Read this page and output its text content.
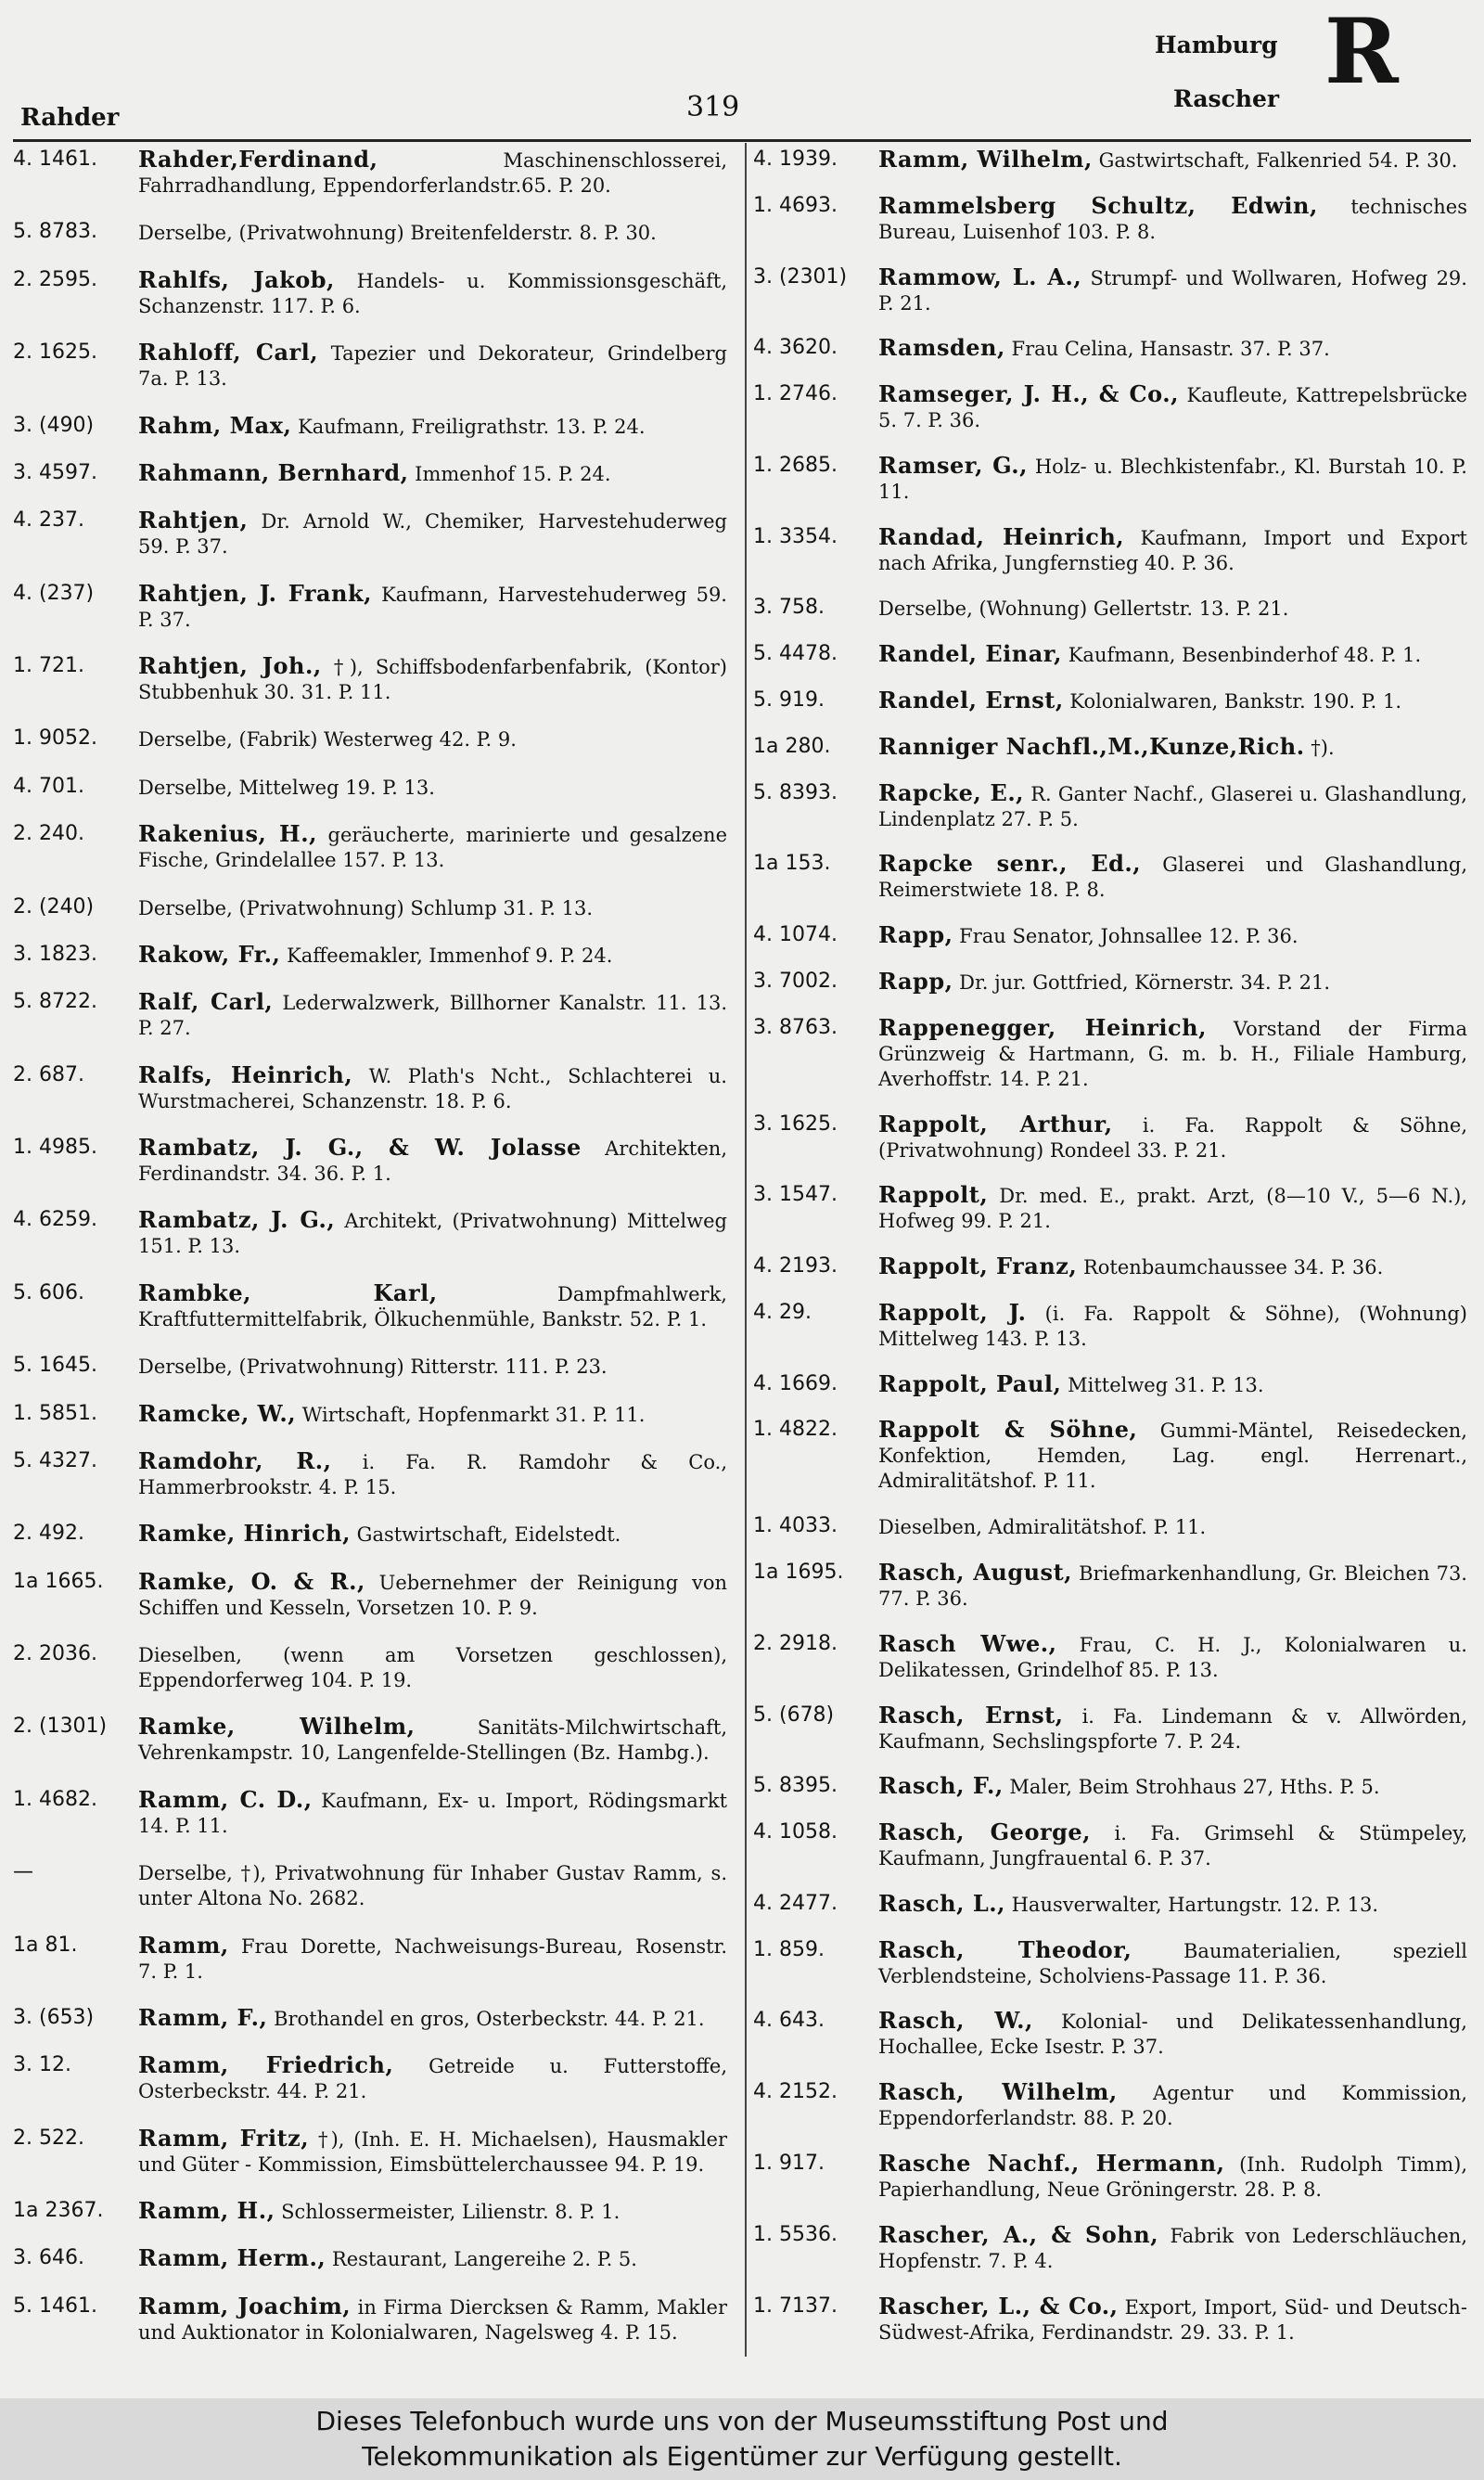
Rahder	319
Hamburg
Rascher R
4. 1461.	Rahder,Ferdinand,	Maschinenschlosserei, Fahrradhandlung, Eppendorferlandstr.65. P. 20.
5. 8783.	Derselbe, (Privatwohnung) Breitenfelderstr. 8. P. 30.
2. 2595.	Rahlfs, Jakob, Handels- u. Kommissionsgeschäft, Schanzenstr. 117. P. 6.
2. 1625.	Rahloff, Carl, Tapezier und Dekorateur, Grindelberg 7a. P. 13.
3. (490)	Rahm, Max, Kaufmann, Freiligrathstr. 13. P. 24.
3. 4597.	Rahmann, Bernhard, Immenhof 15. P. 24.
4. 237.	Rahtjen, Dr. Arnold W., Chemiker, Harvestehuderweg 59. P. 37.
4. (237)	Rahtjen, J. Frank, Kaufmann, Harvestehuderweg 59. P. 37.
1. 721.	Rahtjen, Joh., †), Schiffsbodenfarbenfabrik, (Kontor) Stubbenhuk 30. 31. P. 11.
1. 9052.	Derselbe, (Fabrik) Westerweg 42. P. 9.
4. 701.	Derselbe, Mittelweg 19. P. 13.
2. 240.	Rakenius, H., geräucherte, marinierte und gesalzene Fische, Grindelallee 157. P. 13.
2. (240)	Derselbe, (Privatwohnung) Schlump 31. P. 13.
3. 1823.	Rakow, Fr., Kaffeemakler, Immenhof 9. P. 24.
5. 8722.	Ralf, Carl, Lederwalzwerk, Billhorner Kanalstr. 11. 13. P. 27.
2. 687.	Ralfs, Heinrich, W. Plath's Ncht., Schlachterei u. Wurstmacherei, Schanzenstr. 18. P. 6.
1. 4985.	Rambatz, J. G., & W. Jolasse Architekten, Ferdinandstr. 34. 36. P. 1.
4. 6259.	Rambatz, J. G., Architekt, (Privatwohnung) Mittelweg 151. P. 13.
5. 606.	Rambke, Karl,	Dampfmahlwerk, Kraftfuttermittelfabrik, Ölkuchenmühle, Bankstr. 52. P. 1.
5. 1645.	Derselbe, (Privatwohnung) Ritterstr. 111. P. 23.
1. 5851.	Ramcke, W., Wirtschaft, Hopfenmarkt 31. P. 11.
5. 4327.	Ramdohr, R., i. Fa. R. Ramdohr & Co., Hammerbrookstr. 4. P. 15.
2. 492.	Ramke, Hinrich, Gastwirtschaft, Eidelstedt.
1a 1665.	Ramke, O. & R., Uebernehmer der Reinigung von Schiffen und Kesseln, Vorsetzen 10. P. 9.
2. 2036.	Dieselben, (wenn am Vorsetzen geschlossen), Eppendorferweg 104. P. 19.
2. (1301)	Ramke, Wilhelm,	Sanitäts-Milchwirtschaft, Vehrenkampstr. 10, Langenfelde-Stellingen (Bz. Hambg.).
1. 4682.	Ramm, C. D., Kaufmann, Ex- u. Import, Rödingsmarkt 14. P. 11.
—	Derselbe, †), Privatwohnung für Inhaber Gustav Ramm, s. unter Altona No. 2682.
1a 81.	Ramm, Frau Dorette, Nachweisungs-Bureau, Rosenstr. 7. P. 1.
3. (653)	Ramm, F., Brothandel en gros, Osterbeckstr. 44. P. 21.
3. 12.	Ramm, Friedrich, Getreide u. Futterstoffe, Osterbeckstr. 44. P. 21.
2. 522.	Ramm, Fritz, †), (Inh. E. H. Michaelsen), Hausmakler und Güter - Kommission, Eimsbüttelerchaussee 94. P. 19.
1a 2367.	Ramm, H., Schlossermeister, Lilienstr. 8. P. 1.
3. 646.	Ramm, Herm., Restaurant, Langereihe 2. P. 5.
5. 1461.	Ramm, Joachim, in Firma Diercksen & Ramm, Makler und Auktionator in Kolonialwaren, Nagelsweg 4. P. 15.
4. 1939.	Ramm, Wilhelm, Gastwirtschaft, Falkenried 54. P. 30.
1. 4693.	Rammelsberg Schultz, Edwin, technisches Bureau, Luisenhof 103. P. 8.
3. (2301)	Rammow, L. A., Strumpf- und Wollwaren, Hofweg 29. P. 21.
4. 3620.	Ramsden, Frau Celina, Hansastr. 37. P. 37.
1. 2746.	Ramseger, J. H., & Co., Kaufleute, Kattrepelsbrücke 5. 7. P. 36.
1. 2685.	Ramser, G., Holz- u. Blechkistenfabr., Kl. Burstah 10. P. 11.
1. 3354.	Randad, Heinrich, Kaufmann, Import und Export nach Afrika, Jungfernstieg 40. P. 36.
3. 758.	Derselbe, (Wohnung) Gellertstr. 13. P. 21.
5. 4478.	Randel, Einar, Kaufmann, Besenbinderhof 48. P. 1.
5. 919.	Randel, Ernst, Kolonialwaren, Bankstr. 190. P. 1.
1a 280.	Ranniger Nachfl.,M.,Kunze,Rich. †).
5. 8393.	Rapcke, E., R. Ganter Nachf., Glaserei u. Glashandlung, Lindenplatz 27. P. 5.
1a 153.	Rapcke senr., Ed., Glaserei und Glashandlung, Reimerstwiete 18. P. 8.
4. 1074.	Rapp, Frau Senator, Johnsallee 12. P. 36.
3. 7002.	Rapp, Dr. jur. Gottfried, Körnerstr. 34. P. 21.
3. 8763.	Rappenegger, Heinrich, Vorstand der Firma Grünzweig & Hartmann, G. m. b. H., Filiale Hamburg, Averhoffstr. 14. P. 21.
3. 1625.	Rappolt, Arthur, i. Fa. Rappolt & Söhne, (Privatwohnung) Rondeel 33. P. 21.
3. 1547.	Rappolt, Dr. med. E., prakt. Arzt, (8—10 V., 5—6 N.), Hofweg 99. P. 21.
4. 2193.	Rappolt, Franz, Rotenbaumchaussee 34. P. 36.
4. 29.	Rappolt, J. (i. Fa. Rappolt & Söhne), (Wohnung) Mittelweg 143. P. 13.
4. 1669.	Rappolt, Paul, Mittelweg 31. P. 13.
1. 4822.	Rappolt & Söhne, Gummi-Mäntel, Reisedecken, Konfektion, Hemden, Lag. engl. Herrenart., Admiralitätshof. P. 11.
1. 4033.	Dieselben, Admiralitätshof. P. 11.
1a 1695.	Rasch, August, Briefmarkenhandlung, Gr. Bleichen 73. 77. P. 36.
2. 2918.	Rasch Wwe., Frau, C. H. J., Kolonialwaren u. Delikatessen, Grindelhof 85. P. 13.
5. (678)	Rasch, Ernst, i. Fa. Lindemann & v. Allwörden, Kaufmann, Sechslingspforte 7. P. 24.
5. 8395.	Rasch, F., Maler, Beim Strohhaus 27, Hths. P. 5.
4. 1058.	Rasch, George, i. Fa. Grimsehl & Stümpeley, Kaufmann, Jungfrauental 6. P. 37.
4. 2477.	Rasch, L., Hausverwalter, Hartungstr. 12. P. 13.
1. 859.	Rasch, Theodor,	Baumaterialien, speziell Verblendsteine, Scholviens-Passage 11. P. 36.
4. 643.	Rasch, W., Kolonial- und Delikatessenhandlung, Hochallee, Ecke Isestr. P. 37.
4. 2152.	Rasch, Wilhelm, Agentur und Kommission, Eppendorferlandstr. 88. P. 20.
1. 917.	Rasche Nachf., Hermann, (Inh. Rudolph Timm), Papierhandlung, Neue Gröningerstr. 28. P. 8.
1. 5536.	Rascher, A., & Sohn, Fabrik von Lederschläuchen, Hopfenstr. 7. P. 4.
1. 7137.	Rascher, L., & Co., Export, Import, Süd- und Deutsch-Südwest-Afrika, Ferdinandstr. 29. 33. P. 1.
Dieses Telefonbuch wurde uns von der Museumsstiftung Post und
Telekommunikation als Eigentümer zur Verfügung gestellt.
